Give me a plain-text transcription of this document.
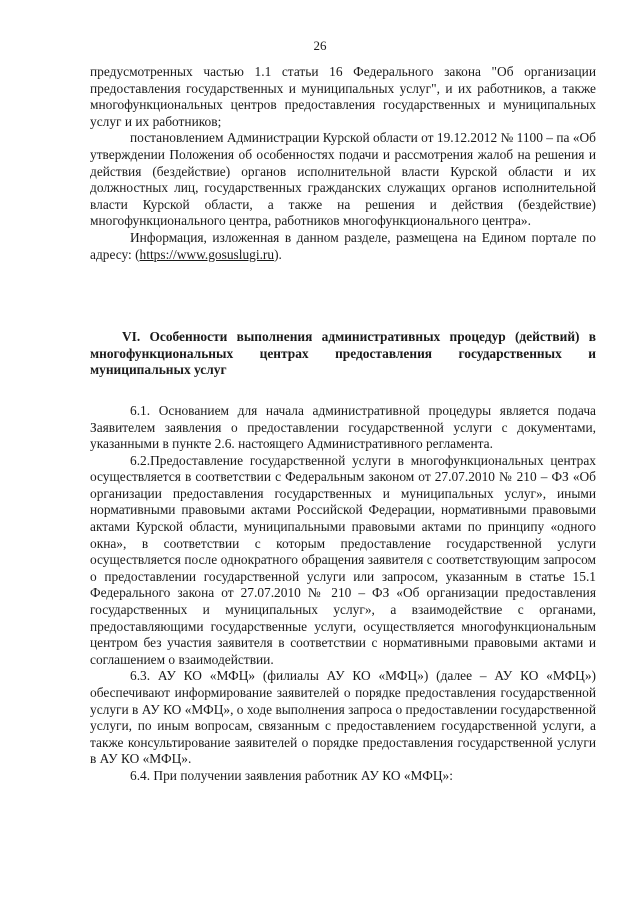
26

предусмотренных частью 1.1 статьи 16 Федерального закона "Об организации предоставления государственных и муниципальных услуг", и их работников, а также многофункциональных центров предоставления государственных и муниципальных услуг и их работников;

постановлением Администрации Курской области от 19.12.2012 № 1100 – па «Об утверждении Положения об особенностях подачи и рассмотрения жалоб на решения и действия (бездействие) органов исполнительной власти Курской области и их должностных лиц, государственных гражданских служащих органов исполнительной власти Курской области, а также на решения и действия (бездействие) многофункционального центра, работников многофункционального центра».

Информация, изложенная в данном разделе, размещена на Едином портале по адресу: (https://www.gosuslugi.ru).

VI. Особенности выполнения административных процедур (действий) в многофункциональных центрах предоставления государственных и муниципальных услуг

6.1. Основанием для начала административной процедуры является подача Заявителем заявления о предоставлении государственной услуги с документами, указанными в пункте 2.6. настоящего Административного регламента.

6.2.Предоставление государственной услуги в многофункциональных центрах осуществляется в соответствии с Федеральным законом от 27.07.2010 № 210 – ФЗ «Об организации предоставления государственных и муниципальных услуг», иными нормативными правовыми актами Российской Федерации, нормативными правовыми актами Курской области, муниципальными правовыми актами по принципу «одного окна», в соответствии с которым предоставление государственной услуги осуществляется после однократного обращения заявителя с соответствующим запросом о предоставлении государственной услуги или запросом, указанным в статье 15.1 Федерального закона от 27.07.2010 № 210 – ФЗ «Об организации предоставления государственных и муниципальных услуг», а взаимодействие с органами, предоставляющими государственные услуги, осуществляется многофункциональным центром без участия заявителя в соответствии с нормативными правовыми актами и соглашением о взаимодействии.

6.3. АУ КО «МФЦ» (филиалы АУ КО «МФЦ») (далее – АУ КО «МФЦ») обеспечивают информирование заявителей о порядке предоставления государственной услуги в АУ КО «МФЦ», о ходе выполнения запроса о предоставлении государственной услуги, по иным вопросам, связанным с предоставлением государственной услуги, а также консультирование заявителей о порядке предоставления государственной услуги в АУ КО «МФЦ».

6.4. При получении заявления работник АУ КО «МФЦ»:
